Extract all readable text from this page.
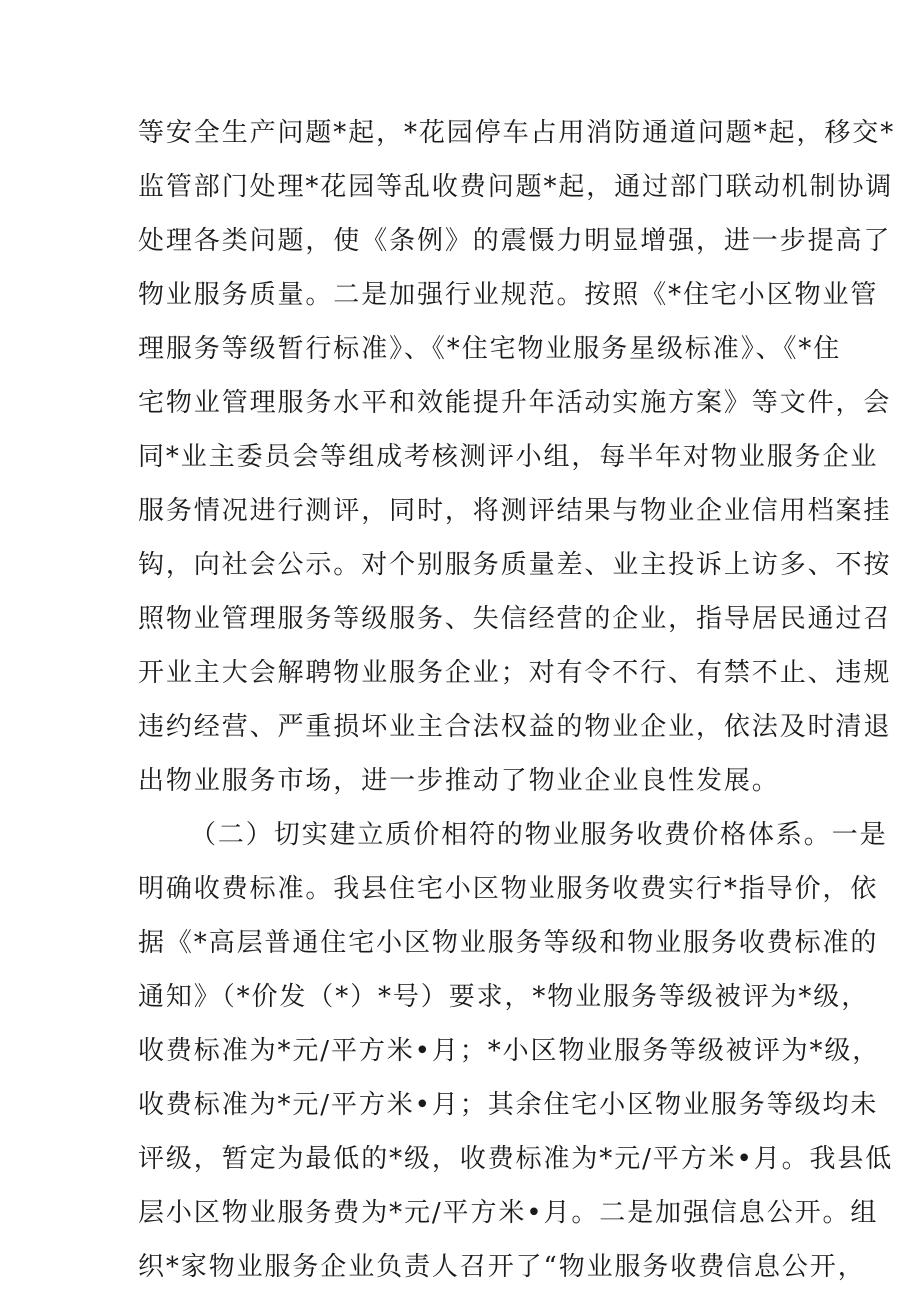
等安全生产问题*起，*花园停车占用消防通道问题*起，移交*
监管部门处理*花园等乱收费问题*起，通过部门联动机制协调
处理各类问题，使《条例》的震慑力明显增强，进一步提高了
物业服务质量。二是加强行业规范。按照《*住宅小区物业管
理服务等级暂行标准》、《*住宅物业服务星级标准》、《*住
宅物业管理服务水平和效能提升年活动实施方案》等文件，会
同*业主委员会等组成考核测评小组，每半年对物业服务企业
服务情况进行测评，同时，将测评结果与物业企业信用档案挂
钩，向社会公示。对个别服务质量差、业主投诉上访多、不按
照物业管理服务等级服务、失信经营的企业，指导居民通过召
开业主大会解聘物业服务企业；对有令不行、有禁不止、违规
违约经营、严重损坏业主合法权益的物业企业，依法及时清退
出物业服务市场，进一步推动了物业企业良性发展。
（二）切实建立质价相符的物业服务收费价格体系。一是
明确收费标准。我县住宅小区物业服务收费实行*指导价，依
据《*高层普通住宅小区物业服务等级和物业服务收费标准的
通知》（*价发（*）*号）要求，*物业服务等级被评为*级，
收费标准为*元/平方米•月；*小区物业服务等级被评为*级，
收费标准为*元/平方米•月；其余住宅小区物业服务等级均未
评级，暂定为最低的*级，收费标准为*元/平方米•月。我县低
层小区物业服务费为*元/平方米•月。二是加强信息公开。组
织*家物业服务企业负责人召开了“物业服务收费信息公开，
